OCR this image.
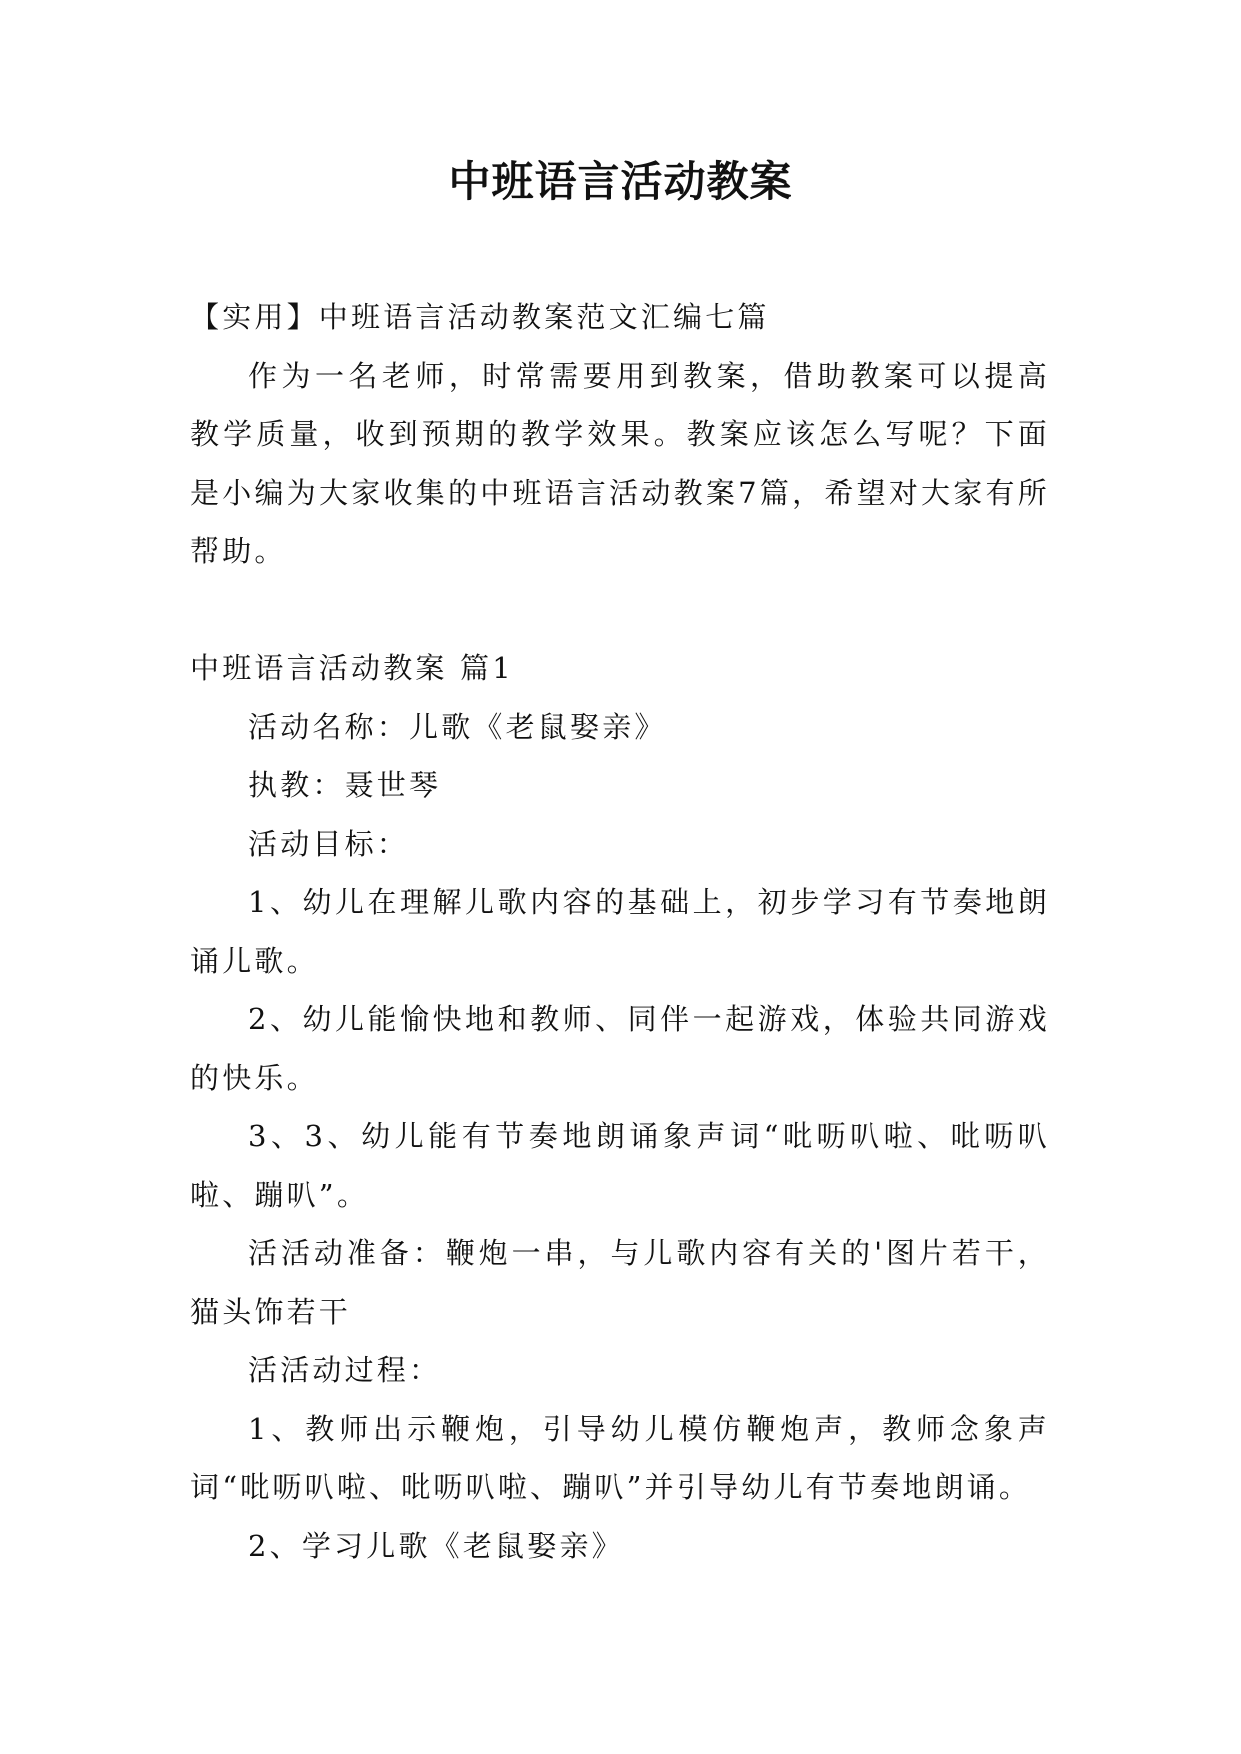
中班语言活动教案

【实用】中班语言活动教案范文汇编七篇

作为一名老师，时常需要用到教案，借助教案可以提高教学质量，收到预期的教学效果。教案应该怎么写呢？下面是小编为大家收集的中班语言活动教案7篇，希望对大家有所帮助。

中班语言活动教案 篇1

活动名称：儿歌《老鼠娶亲》

执教：聂世琴

活动目标：

1、幼儿在理解儿歌内容的基础上，初步学习有节奏地朗诵儿歌。

2、幼儿能愉快地和教师、同伴一起游戏，体验共同游戏的快乐。

3、3、幼儿能有节奏地朗诵象声词“吡呖叭啦、吡呖叭啦、蹦叭”。

活活动准备：鞭炮一串，与儿歌内容有关的'图片若干，猫头饰若干

活活动过程：

1、教师出示鞭炮，引导幼儿模仿鞭炮声，教师念象声词“吡呖叭啦、吡呖叭啦、蹦叭”并引导幼儿有节奏地朗诵。

2、学习儿歌《老鼠娶亲》
